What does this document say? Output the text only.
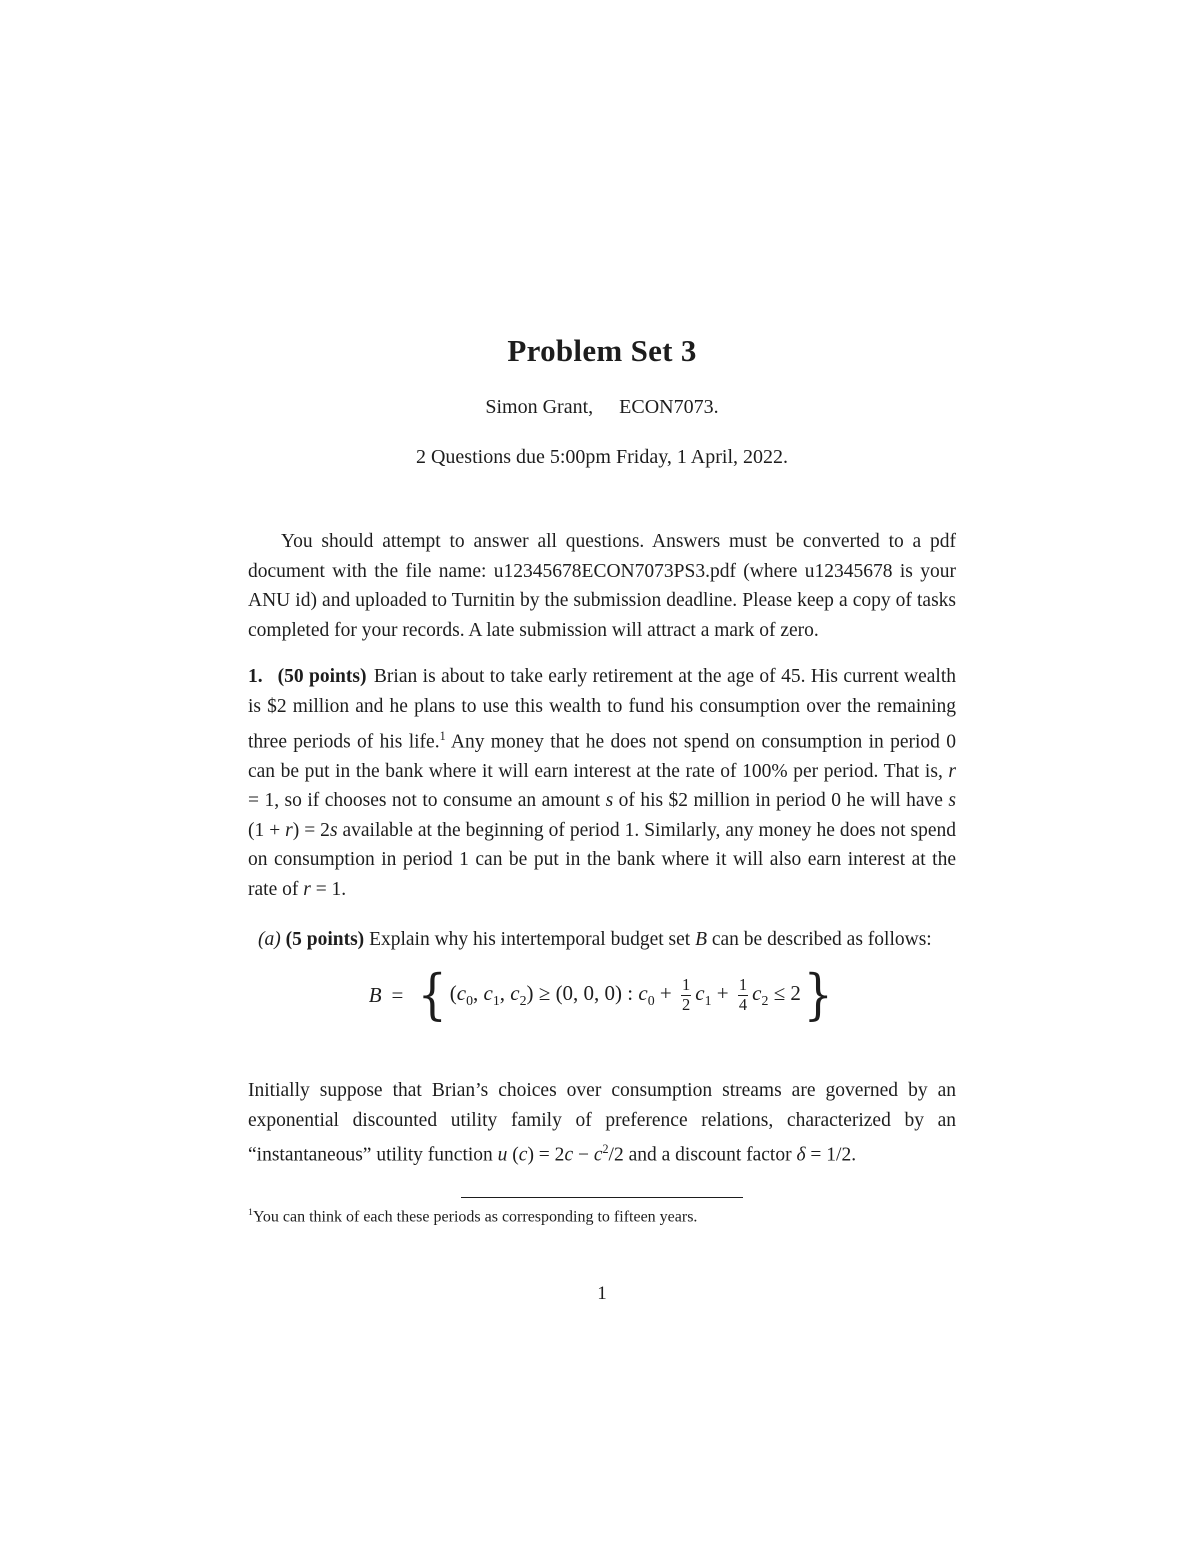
Problem Set 3
Simon Grant, ECON7073.
2 Questions due 5:00pm Friday, 1 April, 2022.

You should attempt to answer all questions. Answers must be converted to a pdf document with the file name: u12345678ECON7073PS3.pdf (where u12345678 is your ANU id) and uploaded to Turnitin by the submission deadline. Please keep a copy of tasks completed for your records. A late submission will attract a mark of zero.

1. (50 points) Brian is about to take early retirement at the age of 45. His current wealth is $2 million and he plans to use this wealth to fund his consumption over the remaining three periods of his life.$^1$ Any money that he does not spend on consumption in period 0 can be put in the bank where it will earn interest at the rate of 100% per period. That is, r = 1, so if chooses not to consume an amount s of his $2 million in period 0 he will have s (1 + r) = 2s available at the beginning of period 1. Similarly, any money he does not spend on consumption in period 1 can be put in the bank where it will also earn interest at the rate of r = 1.

(a) (5 points) Explain why his intertemporal budget set B can be described as follows:

B = { ($c_0$, $c_1$, $c_2) \ge (0$, 0, 0) : $c_0 + \frac{1}{2} c_1 + \frac{1}{4} c_2 \le 2$ }

Initially suppose that Brian’s choices over consumption streams are governed by an exponential discounted utility family of preference relations, characterized by an “instantaneous” utility function u $(c) = 2c - c^2/2$ and a discount factor δ = 1/2.

$^1$You can think of each these periods as corresponding to fifteen years.

1
